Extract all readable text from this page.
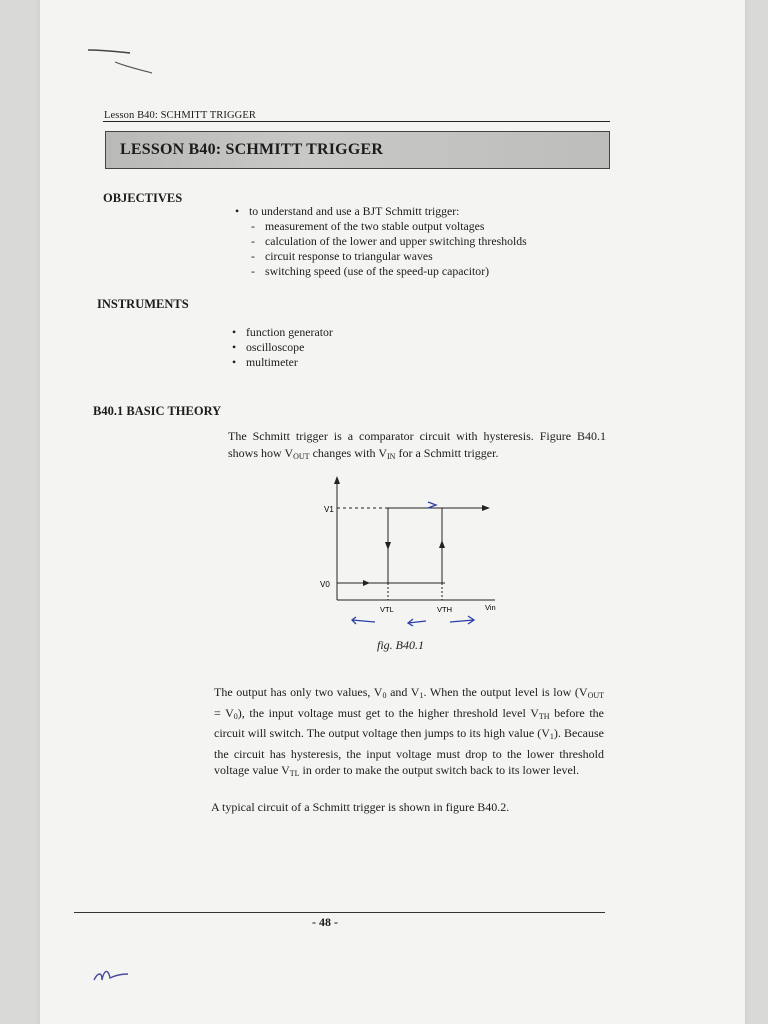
Lesson B40: SCHMITT TRIGGER
LESSON B40: SCHMITT TRIGGER
OBJECTIVES
• to understand and use a BJT Schmitt trigger:
- measurement of the two stable output voltages
- calculation of the lower and upper switching thresholds
- circuit response to triangular waves
- switching speed (use of the speed-up capacitor)
INSTRUMENTS
• function generator
• oscilloscope
• multimeter
B40.1 BASIC THEORY
The Schmitt trigger is a comparator circuit with hysteresis. Figure B40.1 shows how $V_{OUT}$ changes with $V_{IN}$ for a Schmitt trigger.
V1
V0
VTL	VTH	Vin
fig. B40.1
The output has only two values, $V_0$ and $V_1$. When the output level is low $(V_{OUT} = V_0)$, the input voltage must get to the higher threshold level $V_{TH}$ before the circuit will switch. The output voltage then jumps to its high value $(V_1)$. Because the circuit has hysteresis, the input voltage must drop to the lower threshold voltage value $V_{TL}$ in order to make the output switch back to its lower level.
A typical circuit of a Schmitt trigger is shown in figure B40.2.
- 48 -
